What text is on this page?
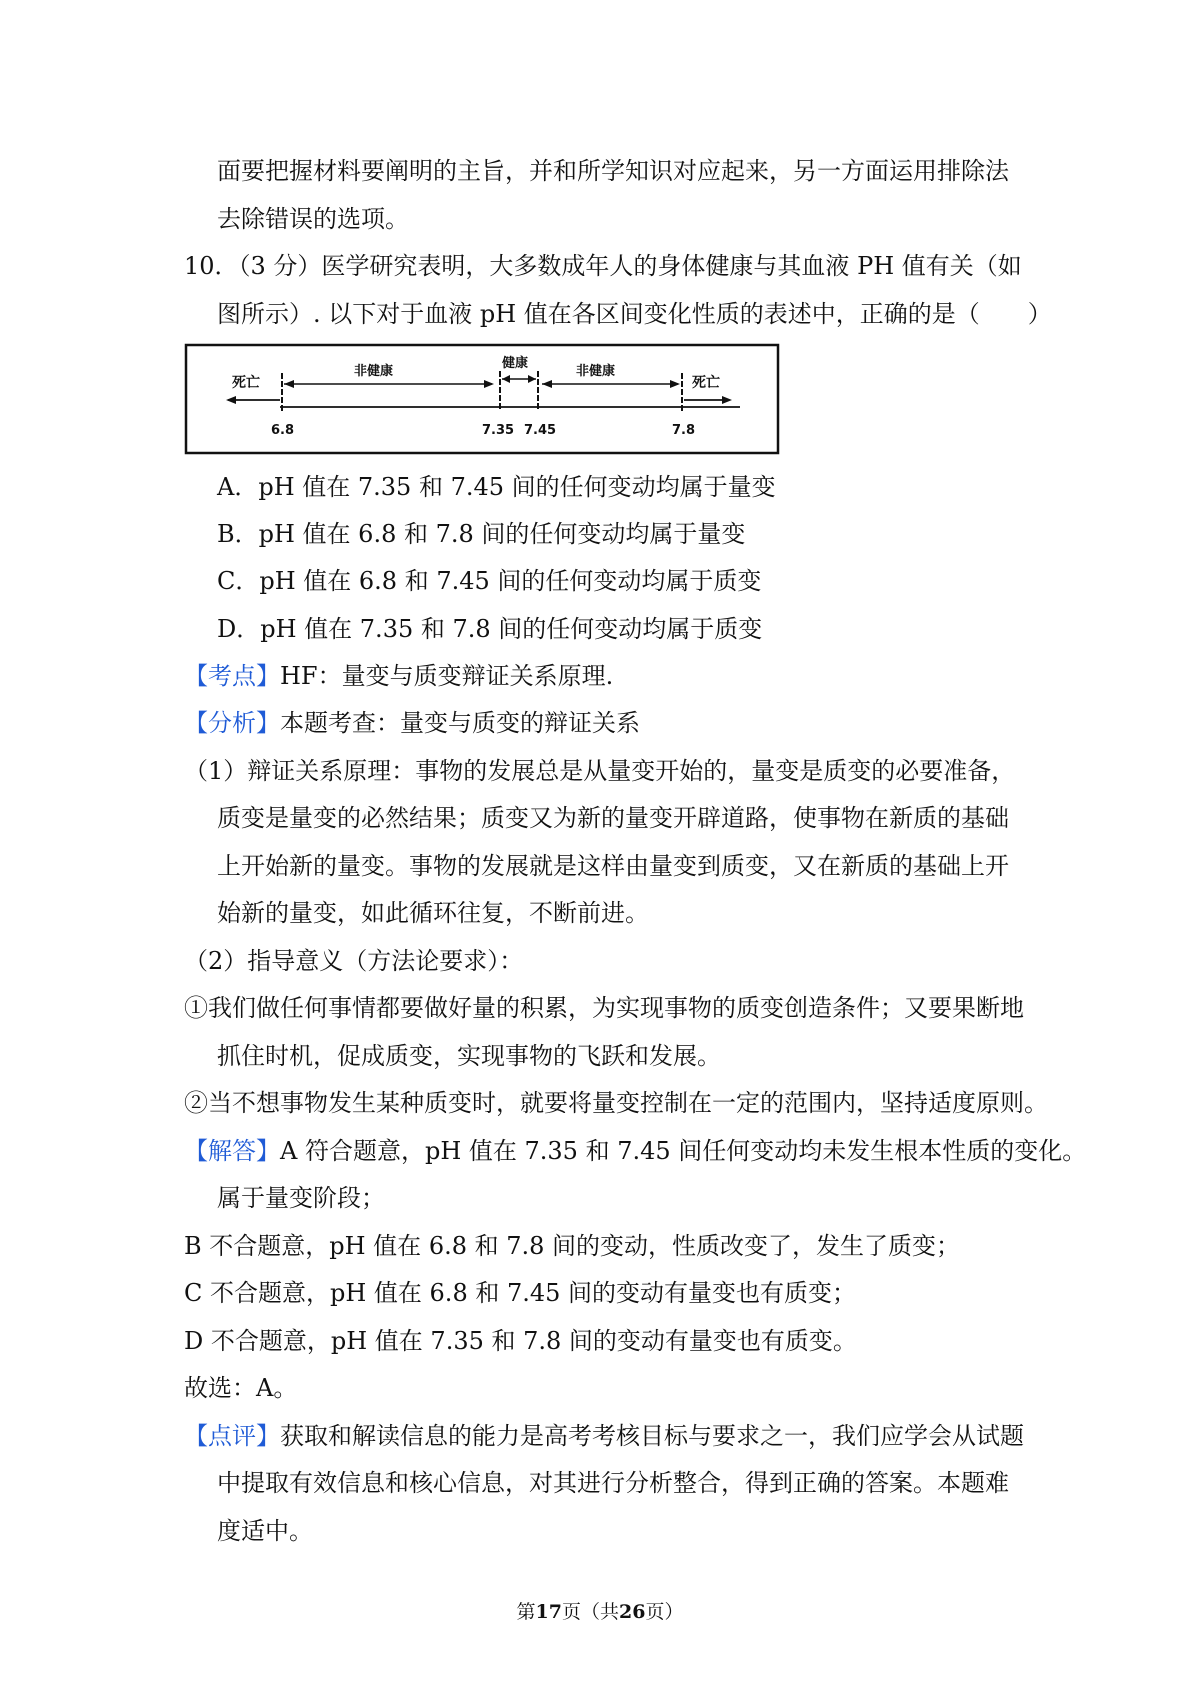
面要把握材料要阐明的主旨，并和所学知识对应起来，另一方面运用排除法
去除错误的选项。
10．（3 分）医学研究表明，大多数成年人的身体健康与其血液 PH 值有关（如
图所示）. 以下对于血液 pH 值在各区间变化性质的表述中，正确的是（　　）
死亡
非健康
健康
非健康
死亡
6.8	7.35 7.45	7.8
A．pH 值在 7.35 和 7.45 间的任何变动均属于量变
B．pH 值在 6.8 和 7.8 间的任何变动均属于量变
C．pH 值在 6.8 和 7.45 间的任何变动均属于质变
D．pH 值在 7.35 和 7.8 间的任何变动均属于质变
【考点】HF：量变与质变辩证关系原理.
【分析】本题考查：量变与质变的辩证关系
（1）辩证关系原理：事物的发展总是从量变开始的，量变是质变的必要准备，
质变是量变的必然结果；质变又为新的量变开辟道路，使事物在新质的基础
上开始新的量变。事物的发展就是这样由量变到质变，又在新质的基础上开
始新的量变，如此循环往复，不断前进。
（2）指导意义（方法论要求）：
①我们做任何事情都要做好量的积累，为实现事物的质变创造条件；又要果断地
抓住时机，促成质变，实现事物的飞跃和发展。
②当不想事物发生某种质变时，就要将量变控制在一定的范围内，坚持适度原则。
【解答】A 符合题意，pH 值在 7.35 和 7.45 间任何变动均未发生根本性质的变化。
属于量变阶段；
B 不合题意，pH 值在 6.8 和 7.8 间的变动，性质改变了，发生了质变；
C 不合题意，pH 值在 6.8 和 7.45 间的变动有量变也有质变；
D 不合题意，pH 值在 7.35 和 7.8 间的变动有量变也有质变。
故选：A。
【点评】获取和解读信息的能力是高考考核目标与要求之一，我们应学会从试题
中提取有效信息和核心信息，对其进行分析整合，得到正确的答案。本题难
度适中。
第17页（共26页）
